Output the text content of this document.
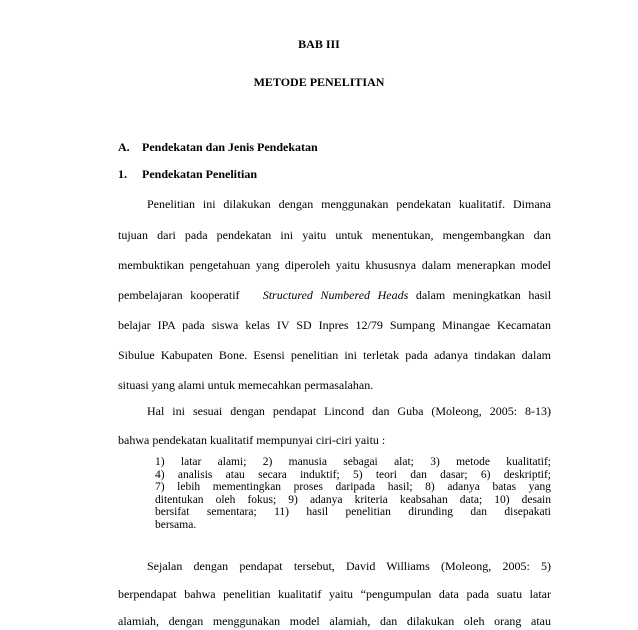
BAB III
METODE PENELITIAN
A. Pendekatan dan Jenis Pendekatan
1. Pendekatan Penelitian
Penelitian ini dilakukan dengan menggunakan pendekatan kualitatif. Dimana
tujuan dari pada pendekatan ini yaitu untuk menentukan, mengembangkan dan
membuktikan pengetahuan yang diperoleh yaitu khususnya dalam menerapkan model
pembelajaran kooperatif Structured Numbered Heads dalam meningkatkan hasil
belajar IPA pada siswa kelas IV SD Inpres 12/79 Sumpang Minangae Kecamatan
Sibulue Kabupaten Bone. Esensi penelitian ini terletak pada adanya tindakan dalam
situasi yang alami untuk memecahkan permasalahan.
Hal ini sesuai dengan pendapat Lincond dan Guba (Moleong, 2005: 8-13)
bahwa pendekatan kualitatif mempunyai ciri-ciri yaitu :
1) latar alami; 2) manusia sebagai alat; 3) metode kualitatif;
4) analisis atau secara induktif; 5) teori dan dasar; 6) deskriptif;
7) lebih mementingkan proses daripada hasil; 8) adanya batas yang
ditentukan oleh fokus; 9) adanya kriteria keabsahan data; 10) desain
bersifat sementara; 11) hasil penelitian dirunding dan disepakati
bersama.
Sejalan dengan pendapat tersebut, David Williams (Moleong, 2005: 5)
berpendapat bahwa penelitian kualitatif yaitu “pengumpulan data pada suatu latar
alamiah, dengan menggunakan model alamiah, dan dilakukan oleh orang atau
